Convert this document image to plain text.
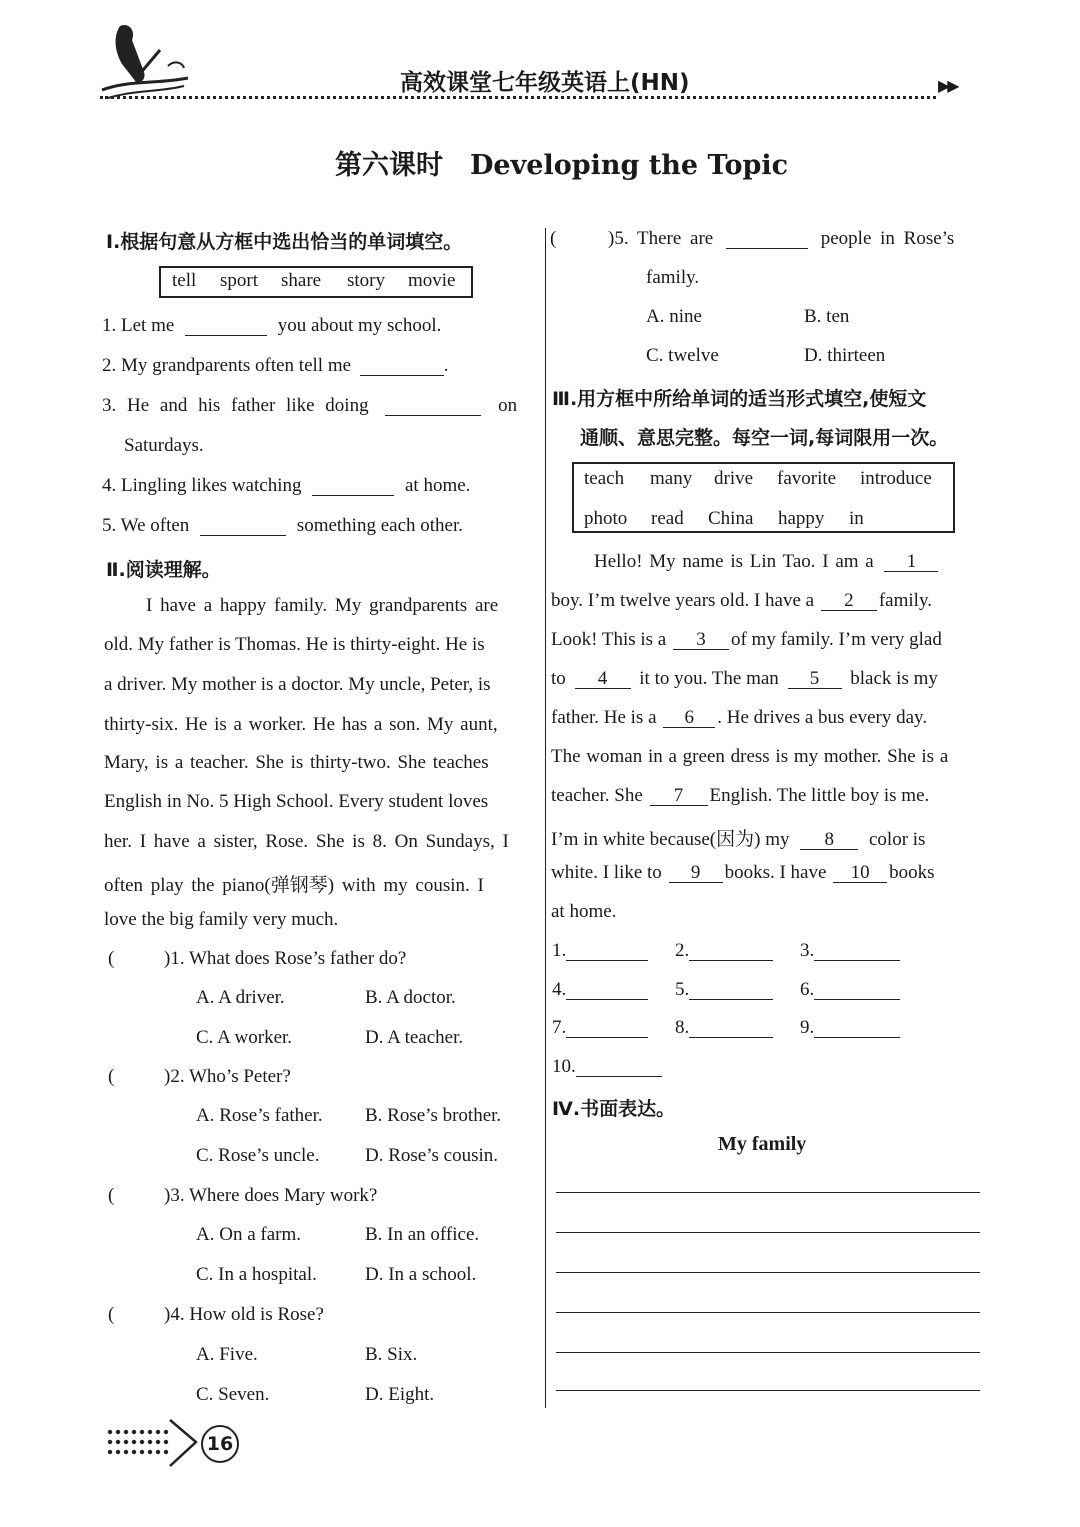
高效课堂七年级英语上(HN)	▶▶
第六课时　Developing the Topic
Ⅰ.根据句意从方框中选出恰当的单词填空。
tell sport share story movie
1. Let me	you about my school.
2. My grandparents often tell me	.
3. He and his father like doing	on
Saturdays.
4. Lingling likes watching	at home.
5. We often	something each other.
Ⅱ.阅读理解。
I have a happy family. My grandparents are
old. My father is Thomas. He is thirty-eight. He is
a driver. My mother is a doctor. My uncle, Peter, is
thirty-six. He is a worker. He has a son. My aunt,
Mary, is a teacher. She is thirty-two. She teaches
English in No. 5 High School. Every student loves
her. I have a sister, Rose. She is 8. On Sundays, I
often play the piano(弹钢琴) with my cousin. I
love the big family very much.
(	)1. What does Rose’s father do?
A. A driver.	B. A doctor.
C. A worker.	D. A teacher.
(	)2. Who’s Peter?
A. Rose’s father. B. Rose’s brother.
C. Rose’s uncle. D. Rose’s cousin.
(	)3. Where does Mary work?
A. On a farm.	B. In an office.
C. In a hospital.	D. In a school.
(	)4. How old is Rose?
A. Five.	B. Six.
C. Seven.	D. Eight.
(	)5. There are	people in Rose’s
family.
A. nine	B. ten
C. twelve	D. thirteen
Ⅲ.用方框中所给单词的适当形式填空,使短文
通顺、意思完整。每空一词,每词限用一次。
teach many drive favorite introduce
photo read China happy in
Hello! My name is Lin Tao. I am a 1
boy. I’m twelve years old. I have a 2 family.
Look! This is a 3 of my family. I’m very glad
to 4 it to you. The man 5 black is my
father. He is a 6 . He drives a bus every day.
The woman in a green dress is my mother. She is a
teacher. She 7 English. The little boy is me.
I’m in white because(因为) my 8 color is
white. I like to 9 books. I have 10 books
at home.
1.	2.	3.
4.	5.	6.
7.	8.	9.
10.
Ⅳ.书面表达。
My family
16
